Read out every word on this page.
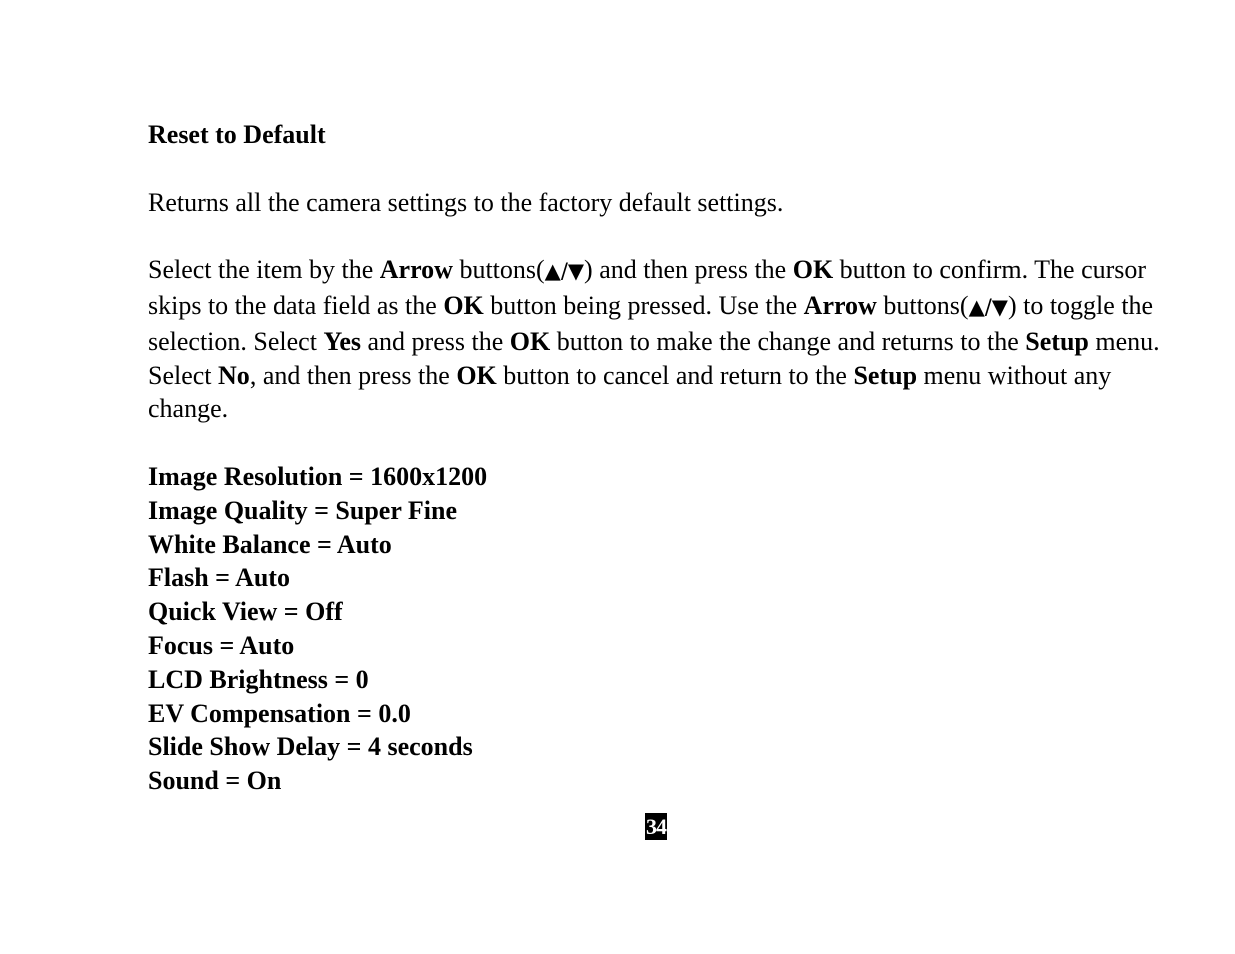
Reset to Default

Returns all the camera settings to the factory default settings.

Select the item by the Arrow buttons(▲/▼) and then press the OK button to confirm. The cursor skips to the data field as the OK button being pressed. Use the Arrow buttons(▲/▼) to toggle the selection. Select Yes and press the OK button to make the change and returns to the Setup menu. Select No, and then press the OK button to cancel and return to the Setup menu without any change.

Image Resolution = 1600x1200
Image Quality = Super Fine
White Balance = Auto
Flash = Auto
Quick View = Off
Focus = Auto
LCD Brightness = 0
EV Compensation = 0.0
Slide Show Delay = 4 seconds
Sound = On
34
